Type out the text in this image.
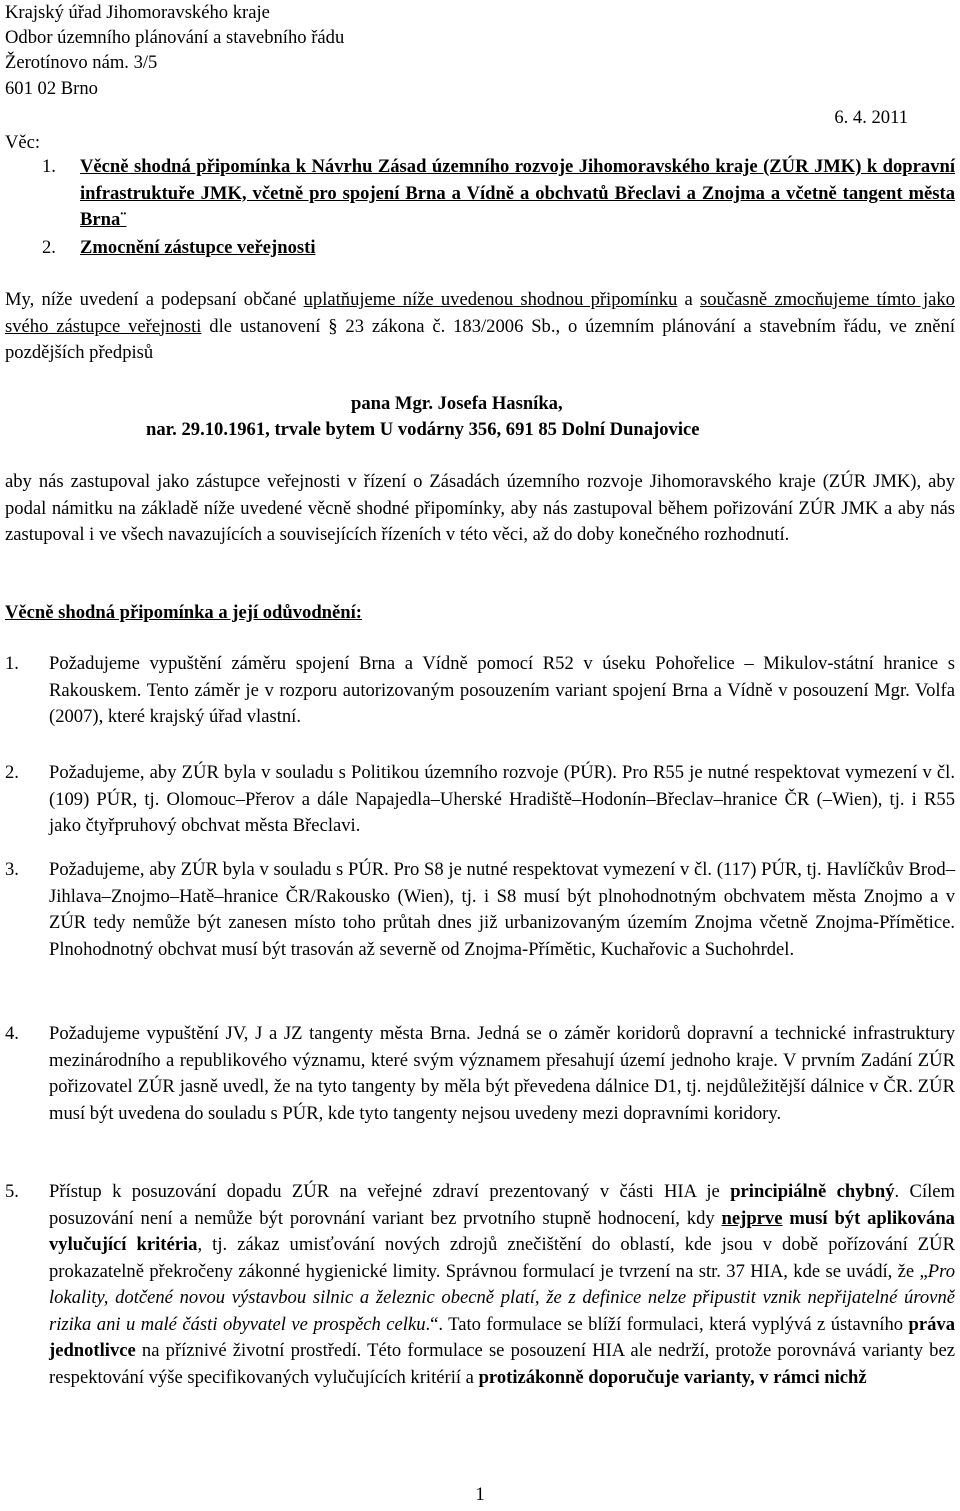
Krajský úřad Jihomoravského kraje
Odbor územního plánování a stavebního řádu
Žerotínovo nám. 3/5
601 02 Brno
6. 4. 2011
Věc:
1. Věcně shodná připomínka k Návrhu Zásad územního rozvoje Jihomoravského kraje (ZÚR JMK) k dopravní infrastruktuře JMK, včetně pro spojení Brna a Vídně a obchvatů Břeclavi a Znojma a včetně tangent města Brna¨
2. Zmocnění zástupce veřejnosti
My, níže uvedení a podepsaní občané uplatňujeme níže uvedenou shodnou připomínku a současně zmocňujeme tímto jako svého zástupce veřejnosti dle ustanovení § 23 zákona č. 183/2006 Sb., o územním plánování a stavebním řádu, ve znění pozdějších předpisů
pana Mgr. Josefa Hasníka,
nar. 29.10.1961, trvale bytem U vodárny 356, 691 85 Dolní Dunajovice
aby nás zastupoval jako zástupce veřejnosti v řízení o Zásadách územního rozvoje Jihomoravského kraje (ZÚR JMK), aby podal námitku na základě níže uvedené věcně shodné připomínky, aby nás zastupoval během pořizování ZÚR JMK a aby nás zastupoval i ve všech navazujících a souvisejících řízeních v této věci, až do doby konečného rozhodnutí.
Věcně shodná připomínka a její odůvodnění:
1. Požadujeme vypuštění záměru spojení Brna a Vídně pomocí R52 v úseku Pohořelice – Mikulov-státní hranice s Rakouskem. Tento záměr je v rozporu autorizovaným posouzením variant spojení Brna a Vídně v posouzení Mgr. Volfa (2007), které krajský úřad vlastní.
2. Požadujeme, aby ZÚR byla v souladu s Politikou územního rozvoje (PÚR). Pro R55 je nutné respektovat vymezení v čl. (109) PÚR, tj. Olomouc–Přerov a dále Napajedla–Uherské Hradiště–Hodonín–Břeclav–hranice ČR (–Wien), tj. i R55 jako čtyřpruhový obchvat města Břeclavi.
3. Požadujeme, aby ZÚR byla v souladu s PÚR. Pro S8 je nutné respektovat vymezení v čl. (117) PÚR, tj. Havlíčkův Brod–Jihlava–Znojmo–Hatě–hranice ČR/Rakousko (Wien), tj. i S8 musí být plnohodnotným obchvatem města Znojmo a v ZÚR tedy nemůže být zanesen místo toho průtah dnes již urbanizovaným územím Znojma včetně Znojma-Přímětice. Plnohodnotný obchvat musí být trasován až severně od Znojma-Přímětic, Kuchařovic a Suchohrdel.
4. Požadujeme vypuštění JV, J a JZ tangenty města Brna. Jedná se o záměr koridorů dopravní a technické infrastruktury mezinárodního a republikového významu, které svým významem přesahují území jednoho kraje. V prvním Zadání ZÚR pořizovatel ZÚR jasně uvedl, že na tyto tangenty by měla být převedena dálnice D1, tj. nejdůležitější dálnice v ČR. ZÚR musí být uvedena do souladu s PÚR, kde tyto tangenty nejsou uvedeny mezi dopravními koridory.
5. Přístup k posuzování dopadu ZÚR na veřejné zdraví prezentovaný v části HIA je principiálně chybný. Cílem posuzování není a nemůže být porovnání variant bez prvotního stupně hodnocení, kdy nejprve musí být aplikována vylučující kritéria, tj. zákaz umisťování nových zdrojů znečištění do oblastí, kde jsou v době pořízování ZÚR prokazatelně překročeny zákonné hygienické limity. Správnou formulací je tvrzení na str. 37 HIA, kde se uvádí, že „Pro lokality, dotčené novou výstavbou silnic a železnic obecně platí, že z definice nelze připustit vznik nepřijatelné úrovně rizika ani u malé části obyvatel ve prospěch celku.“. Tato formulace se blíží formulaci, která vyplývá z ústavního práva jednotlivce na příznivé životní prostředí. Této formulace se posouzení HIA ale nedrží, protože porovnává varianty bez respektování výše specifikovaných vylučujících kritérií a protizákonně doporučuje varianty, v rámci nichž
1
